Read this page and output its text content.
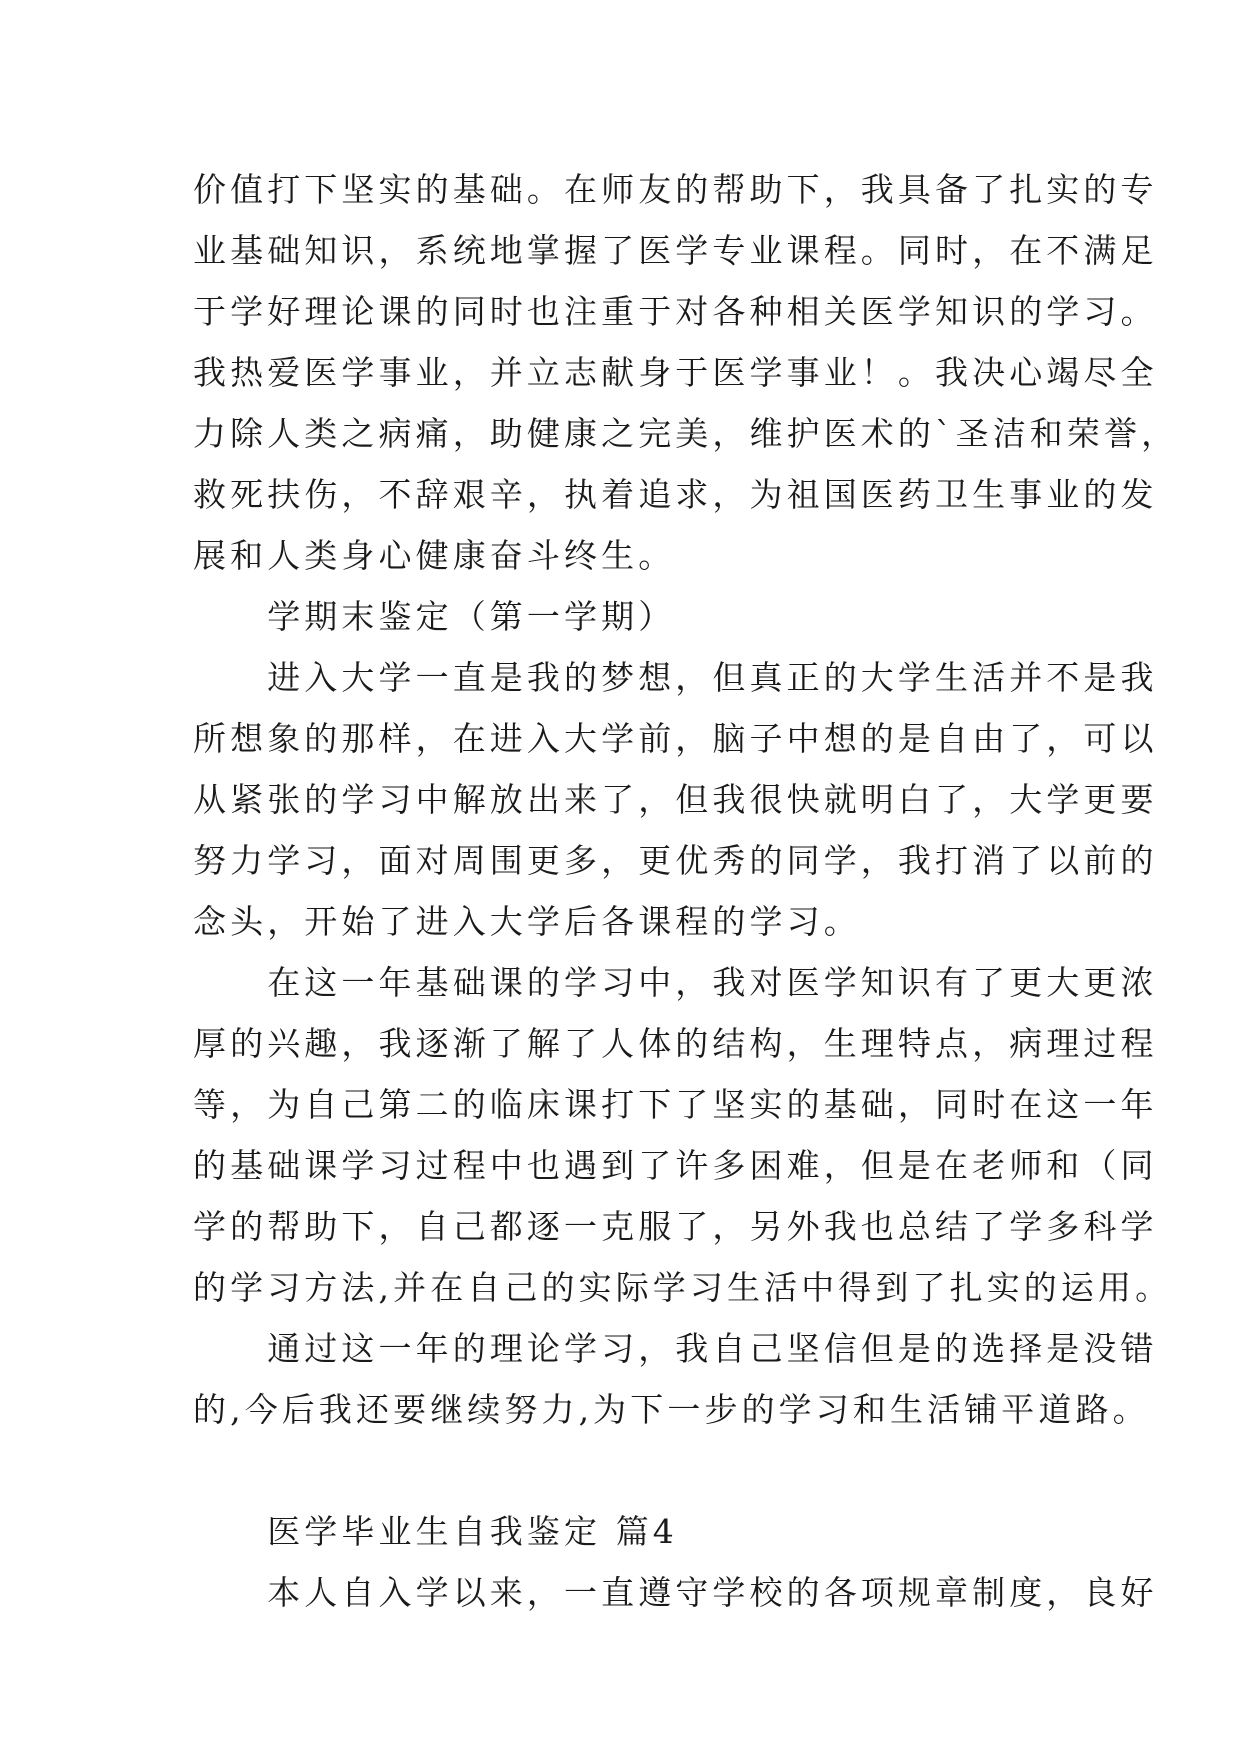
价值打下坚实的基础。在师友的帮助下，我具备了扎实的专
业基础知识，系统地掌握了医学专业课程。同时，在不满足
于学好理论课的同时也注重于对各种相关医学知识的学习。
我热爱医学事业，并立志献身于医学事业！。我决心竭尽全
力除人类之病痛，助健康之完美，维护医术的`圣洁和荣誉，
救死扶伤，不辞艰辛，执着追求，为祖国医药卫生事业的发
展和人类身心健康奋斗终生。
　　学期末鉴定（第一学期）
　　进入大学一直是我的梦想，但真正的大学生活并不是我
所想象的那样，在进入大学前，脑子中想的是自由了，可以
从紧张的学习中解放出来了，但我很快就明白了，大学更要
努力学习，面对周围更多，更优秀的同学，我打消了以前的
念头，开始了进入大学后各课程的学习。
　　在这一年基础课的学习中，我对医学知识有了更大更浓
厚的兴趣，我逐渐了解了人体的结构，生理特点，病理过程
等，为自己第二的临床课打下了坚实的基础，同时在这一年
的基础课学习过程中也遇到了许多困难，但是在老师和（同
学的帮助下，自己都逐一克服了，另外我也总结了学多科学
的学习方法,并在自己的实际学习生活中得到了扎实的运用。
　　通过这一年的理论学习，我自己坚信但是的选择是没错
的,今后我还要继续努力,为下一步的学习和生活铺平道路。
　　医学毕业生自我鉴定 篇4
　　本人自入学以来，一直遵守学校的各项规章制度，良好
